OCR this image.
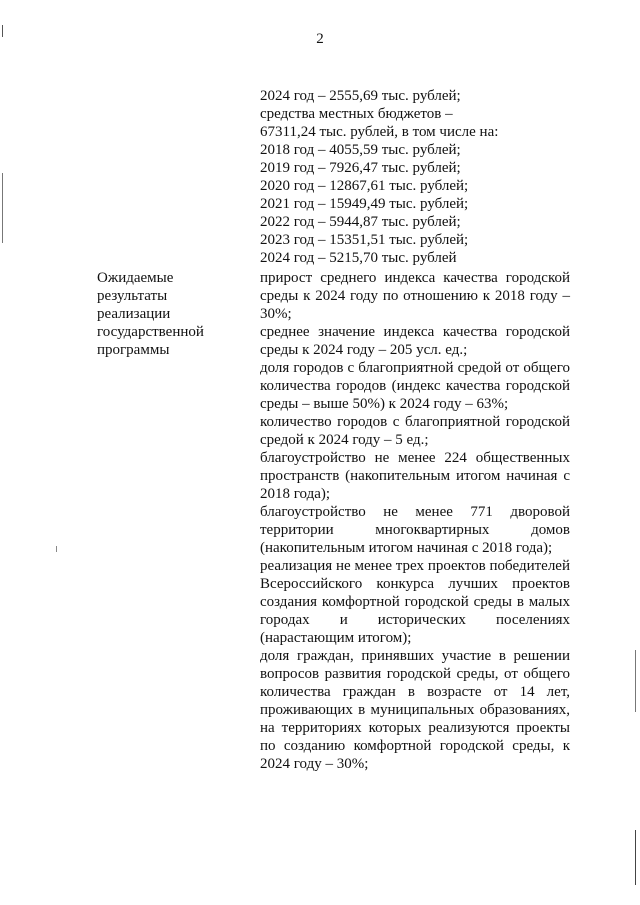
2
2024 год – 2555,69 тыс. рублей;
средства местных бюджетов –
67311,24 тыс. рублей, в том числе на:
2018 год – 4055,59 тыс. рублей;
2019 год – 7926,47 тыс. рублей;
2020 год – 12867,61 тыс. рублей;
2021 год – 15949,49 тыс. рублей;
2022 год – 5944,87 тыс. рублей;
2023 год – 15351,51 тыс. рублей;
2024 год – 5215,70 тыс. рублей
Ожидаемые
результаты
реализации
государственной
программы
прирост среднего индекса качества городской среды к 2024 году по отношению к 2018 году – 30%;
среднее значение индекса качества городской среды к 2024 году – 205 усл. ед.;
доля городов с благоприятной средой от общего количества городов (индекс качества городской среды – выше 50%) к 2024 году – 63%;
количество городов с благоприятной городской средой к 2024 году – 5 ед.;
благоустройство не менее 224 общественных пространств (накопительным итогом начиная с 2018 года);
благоустройство не менее 771 дворовой территории многоквартирных домов (накопительным итогом начиная с 2018 года);
реализация не менее трех проектов победителей Всероссийского конкурса лучших проектов создания комфортной городской среды в малых городах и исторических поселениях (нарастающим итогом);
доля граждан, принявших участие в решении вопросов развития городской среды, от общего количества граждан в возрасте от 14 лет, проживающих в муниципальных образованиях, на территориях которых реализуются проекты по созданию комфортной городской среды, к 2024 году – 30%;
